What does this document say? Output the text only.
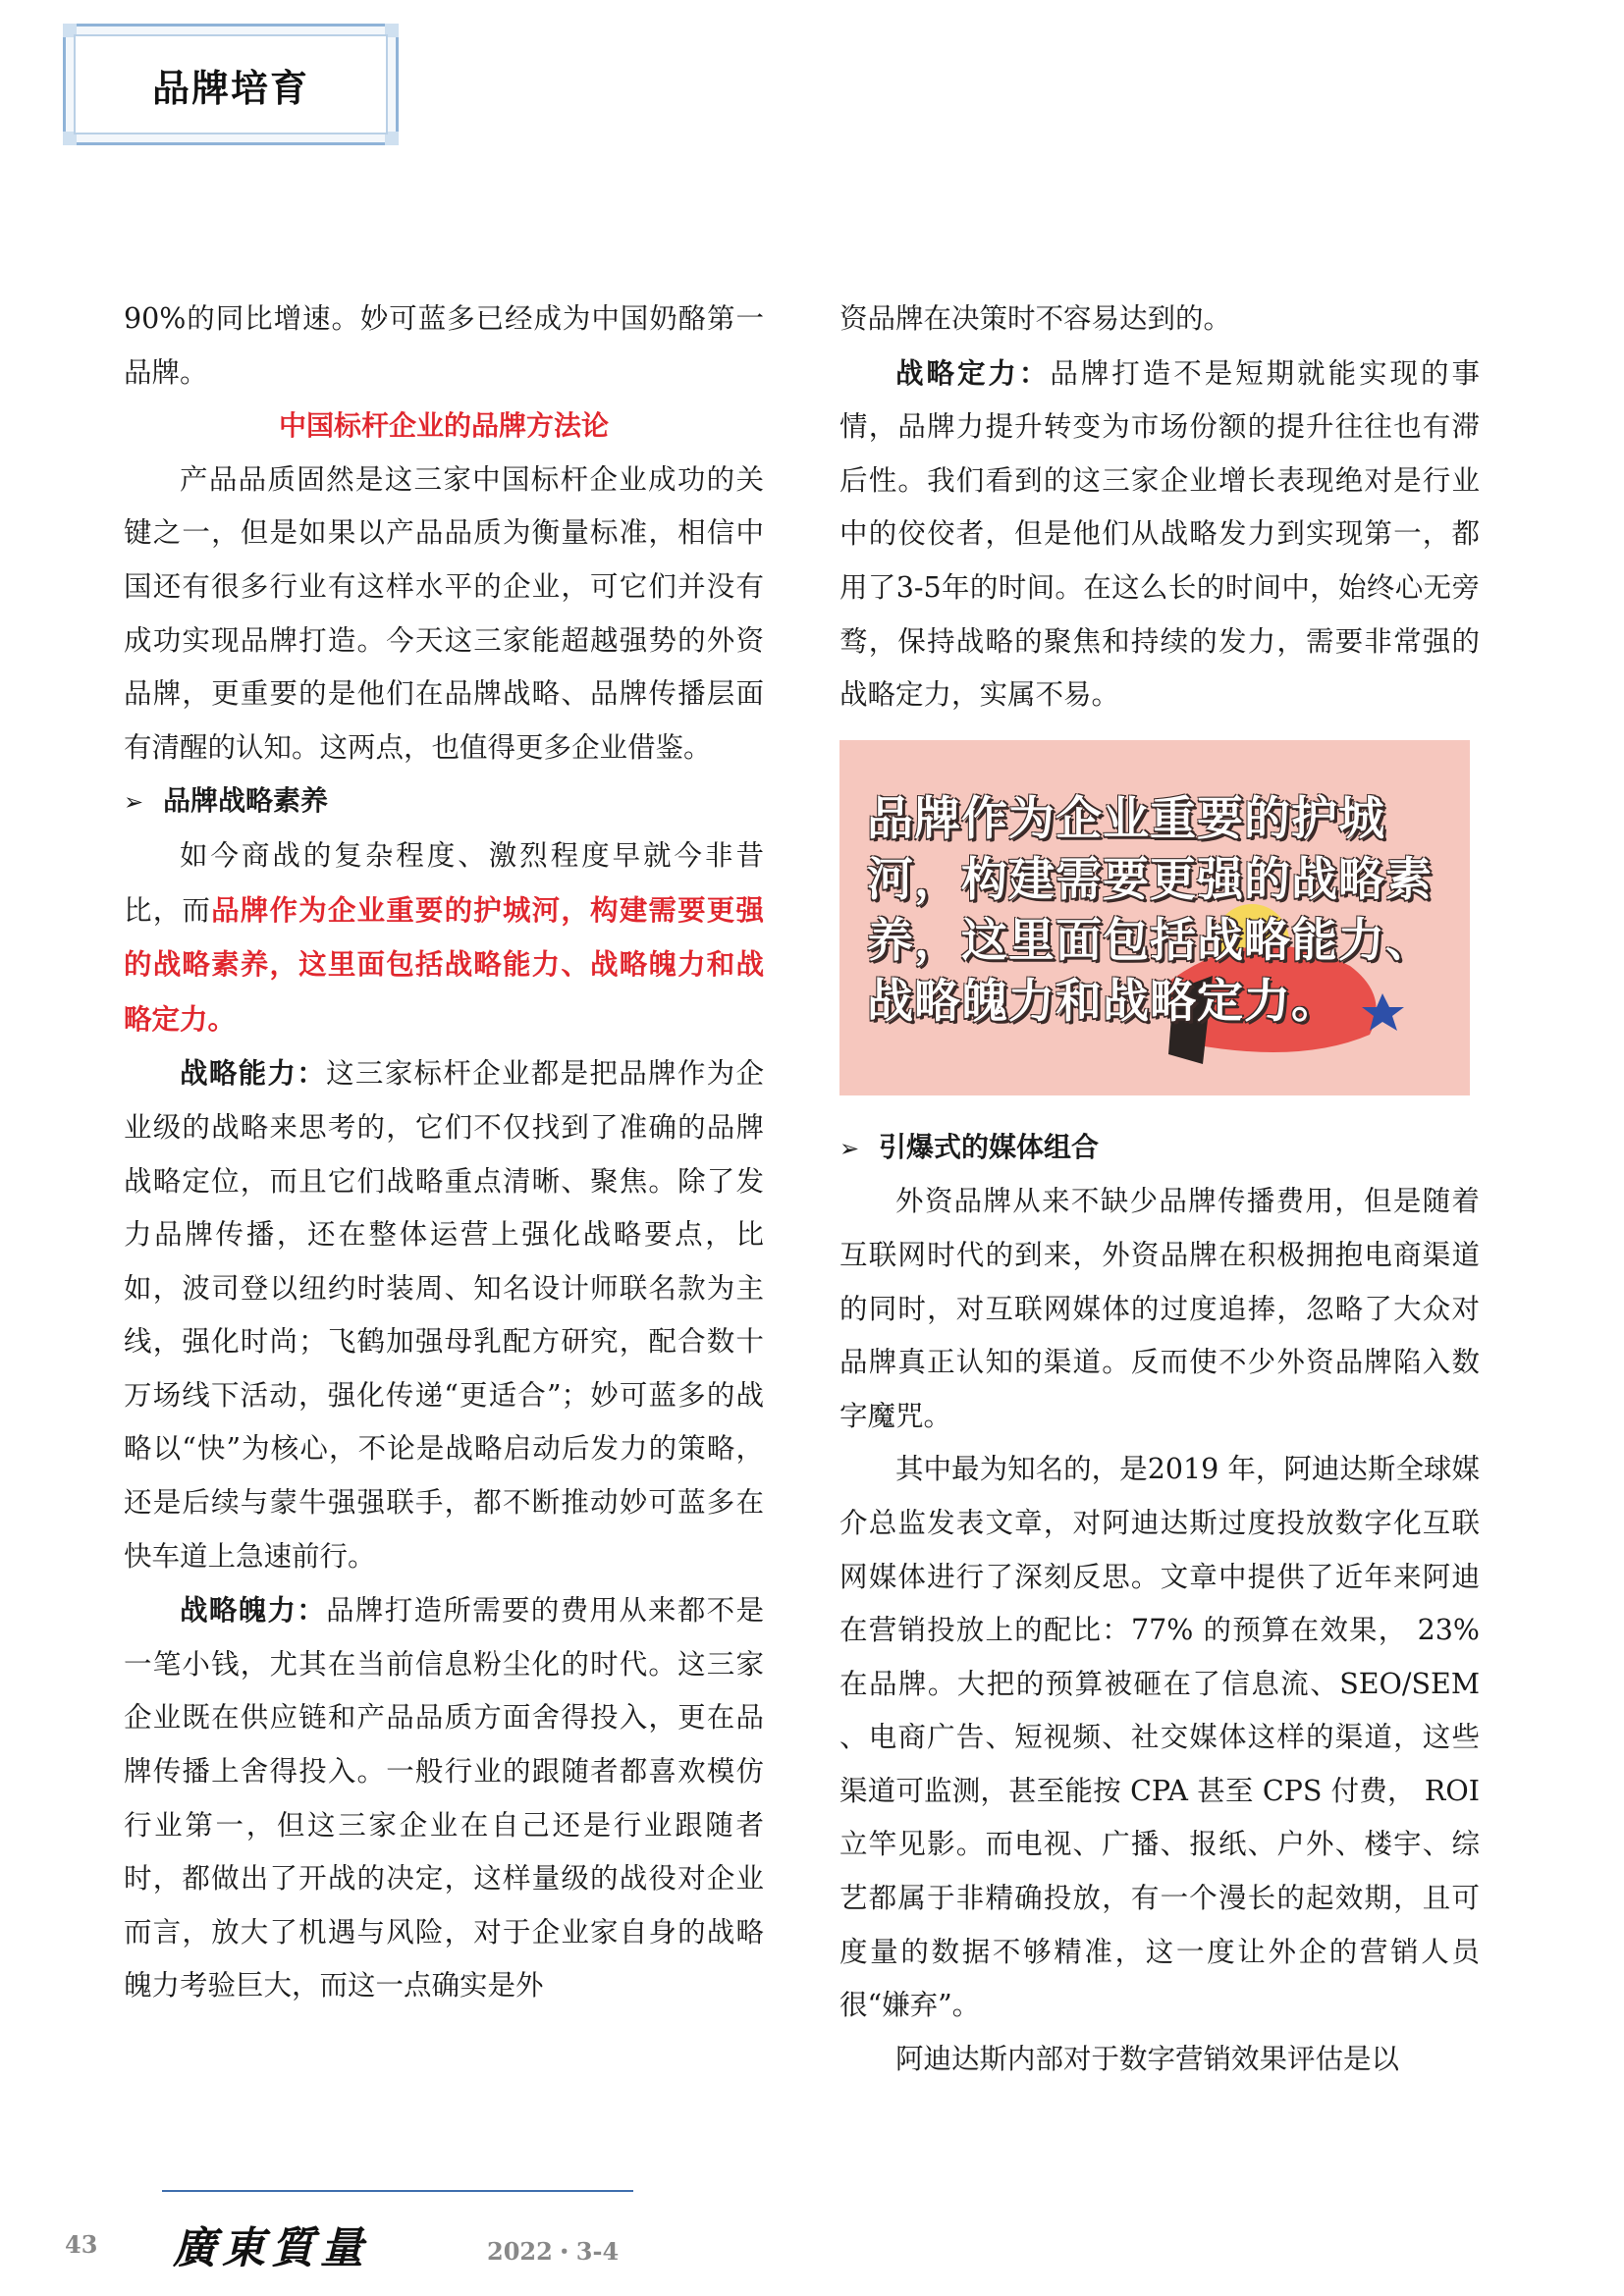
品牌培育

90%的同比增速。妙可蓝多已经成为中国奶酪第一品牌。

中国标杆企业的品牌方法论

产品品质固然是这三家中国标杆企业成功的关键之一，但是如果以产品品质为衡量标准，相信中国还有很多行业有这样水平的企业，可它们并没有成功实现品牌打造。今天这三家能超越强势的外资品牌，更重要的是他们在品牌战略、品牌传播层面有清醒的认知。这两点，也值得更多企业借鉴。

➢ 品牌战略素养

如今商战的复杂程度、激烈程度早就今非昔比，而品牌作为企业重要的护城河，构建需要更强的战略素养，这里面包括战略能力、战略魄力和战略定力。

战略能力：这三家标杆企业都是把品牌作为企业级的战略来思考的，它们不仅找到了准确的品牌战略定位，而且它们战略重点清晰、聚焦。除了发力品牌传播，还在整体运营上强化战略要点，比如，波司登以纽约时装周、知名设计师联名款为主线，强化时尚；飞鹤加强母乳配方研究，配合数十万场线下活动，强化传递“更适合”；妙可蓝多的战略以“快”为核心，不论是战略启动后发力的策略，还是后续与蒙牛强强联手，都不断推动妙可蓝多在快车道上急速前行。

战略魄力：品牌打造所需要的费用从来都不是一笔小钱，尤其在当前信息粉尘化的时代。这三家企业既在供应链和产品品质方面舍得投入，更在品牌传播上舍得投入。一般行业的跟随者都喜欢模仿行业第一，但这三家企业在自己还是行业跟随者时，都做出了开战的决定，这样量级的战役对企业而言，放大了机遇与风险，对于企业家自身的战略魄力考验巨大，而这一点确实是外

资品牌在决策时不容易达到的。

战略定力：品牌打造不是短期就能实现的事情，品牌力提升转变为市场份额的提升往往也有滞后性。我们看到的这三家企业增长表现绝对是行业中的佼佼者，但是他们从战略发力到实现第一，都用了3-5年的时间。在这么长的时间中，始终心无旁骛，保持战略的聚焦和持续的发力，需要非常强的战略定力，实属不易。

品牌作为企业重要的护城河，构建需要更强的战略素养，这里面包括战略能力、战略魄力和战略定力。

➢ 引爆式的媒体组合

外资品牌从来不缺少品牌传播费用，但是随着互联网时代的到来，外资品牌在积极拥抱电商渠道的同时，对互联网媒体的过度追捧，忽略了大众对品牌真正认知的渠道。反而使不少外资品牌陷入数字魔咒。

其中最为知名的，是2019 年，阿迪达斯全球媒介总监发表文章，对阿迪达斯过度投放数字化互联网媒体进行了深刻反思。文章中提供了近年来阿迪在营销投放上的配比：77% 的预算在效果， 23% 在品牌。大把的预算被砸在了信息流、SEO/SEM 、电商广告、短视频、社交媒体这样的渠道，这些渠道可监测，甚至能按 CPA 甚至 CPS 付费， ROI 立竿见影。而电视、广播、报纸、户外、楼宇、综艺都属于非精确投放，有一个漫长的起效期，且可度量的数据不够精准，这一度让外企的营销人员很“嫌弃”。

阿迪达斯内部对于数字营销效果评估是以

43 廣東質量	2022・3-4
